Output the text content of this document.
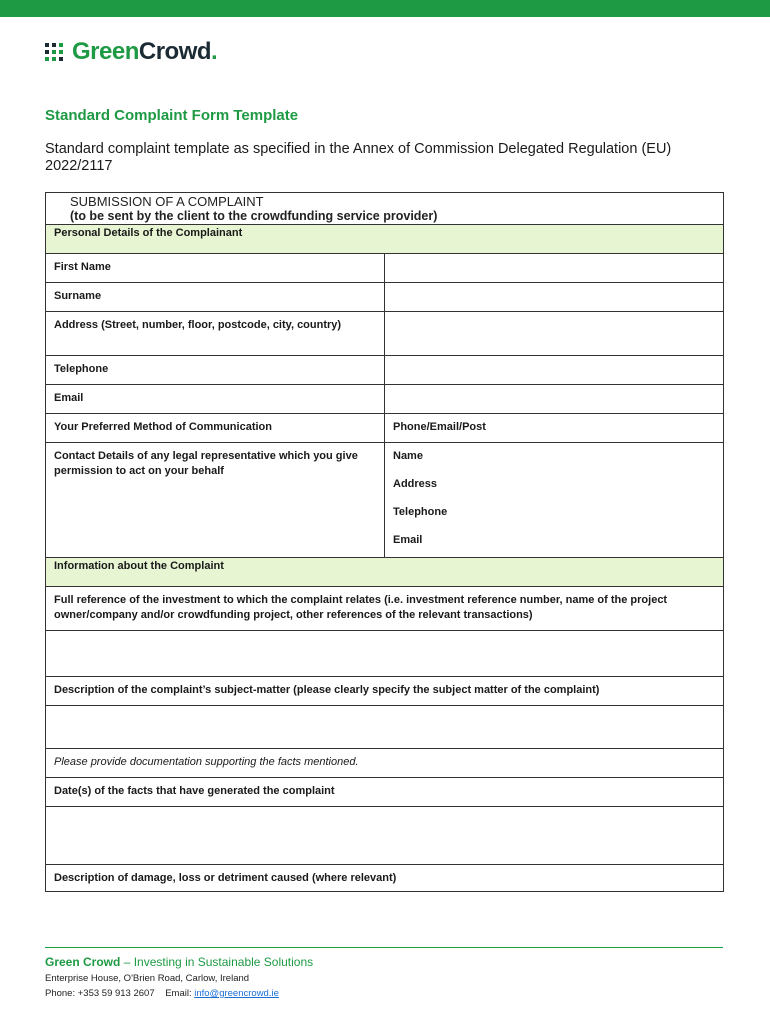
GreenCrowd.
Standard Complaint Form Template
Standard complaint template as specified in the Annex of Commission Delegated Regulation (EU) 2022/2117
SUBMISSION OF A COMPLAINT
(to be sent by the client to the crowdfunding service provider)
Personal Details of the Complainant
First Name
Surname
Address (Street, number, floor, postcode, city, country)
Telephone
Email
Your Preferred Method of Communication	Phone/Email/Post
Contact Details of any legal representative which you give permission to act on your behalf
Name
Address
Telephone
Email
Information about the Complaint
Full reference of the investment to which the complaint relates (i.e. investment reference number, name of the project owner/company and/or crowdfunding project, other references of the relevant transactions)
Description of the complaint’s subject-matter (please clearly specify the subject matter of the complaint)
Please provide documentation supporting the facts mentioned.
Date(s) of the facts that have generated the complaint
Description of damage, loss or detriment caused (where relevant)
Green Crowd – Investing in Sustainable Solutions
Enterprise House, O'Brien Road, Carlow, Ireland
Phone: +353 59 913 2607 Email: info@greencrowd.ie
